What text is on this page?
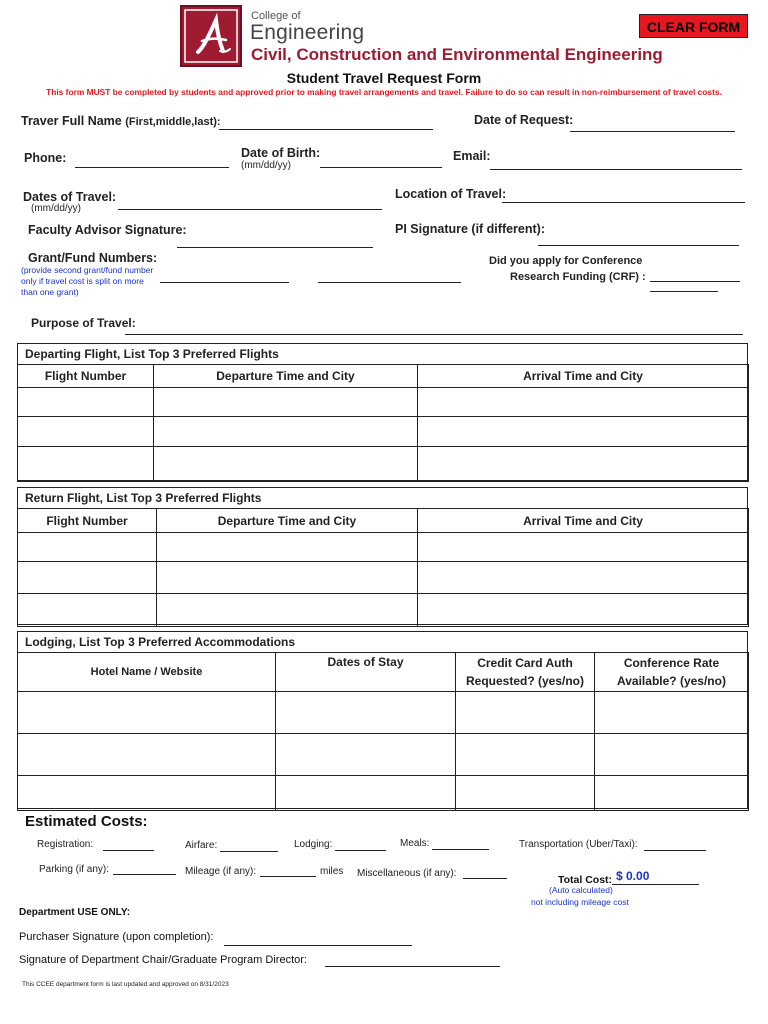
College of
Engineering
Civil, Construction and Environmental Engineering
CLEAR FORM
Student Travel Request Form
This form MUST be completed by students and approved prior to making travel arrangements and travel. Failure to do so can result in non-reimbursement of travel costs.
Traver Full Name (First,middle,last):	Date of Request:
Phone:	Date of Birth:
(mm/dd/yy)
Email:
Dates of Travel:
(mm/dd/yy)
Location of Travel:
Faculty Advisor Signature:	PI Signature (if different):
Grant/Fund Numbers:
(provide second grant/fund number only if travel cost is split on more than one grant)
Did you apply for Conference
Research Funding (CRF) :
Purpose of Travel:
Departing Flight, List Top 3 Preferred Flights
Flight Number	Departure Time and City	Arrival Time and City

Return Flight, List Top 3 Preferred Flights
Flight Number	Departure Time and City	Arrival Time and City

Lodging, List Top 3 Preferred Accommodations
Hotel Name / Website	Dates of Stay	Credit Card Auth Requested? (yes/no)	Conference Rate Available? (yes/no)

Estimated Costs:
Registration:	Airfare:	Lodging:	Meals:	Transportation (Uber/Taxi):
Parking (if any):	Mileage (if any):	miles Miscellaneous (if any):
Total Cost: $ 0.00
(Auto calculated)
not including mileage cost
Department USE ONLY:
Purchaser Signature (upon completion):
Signature of Department Chair/Graduate Program Director:
This CCEE department form is last updated and approved on 8/31/2023
